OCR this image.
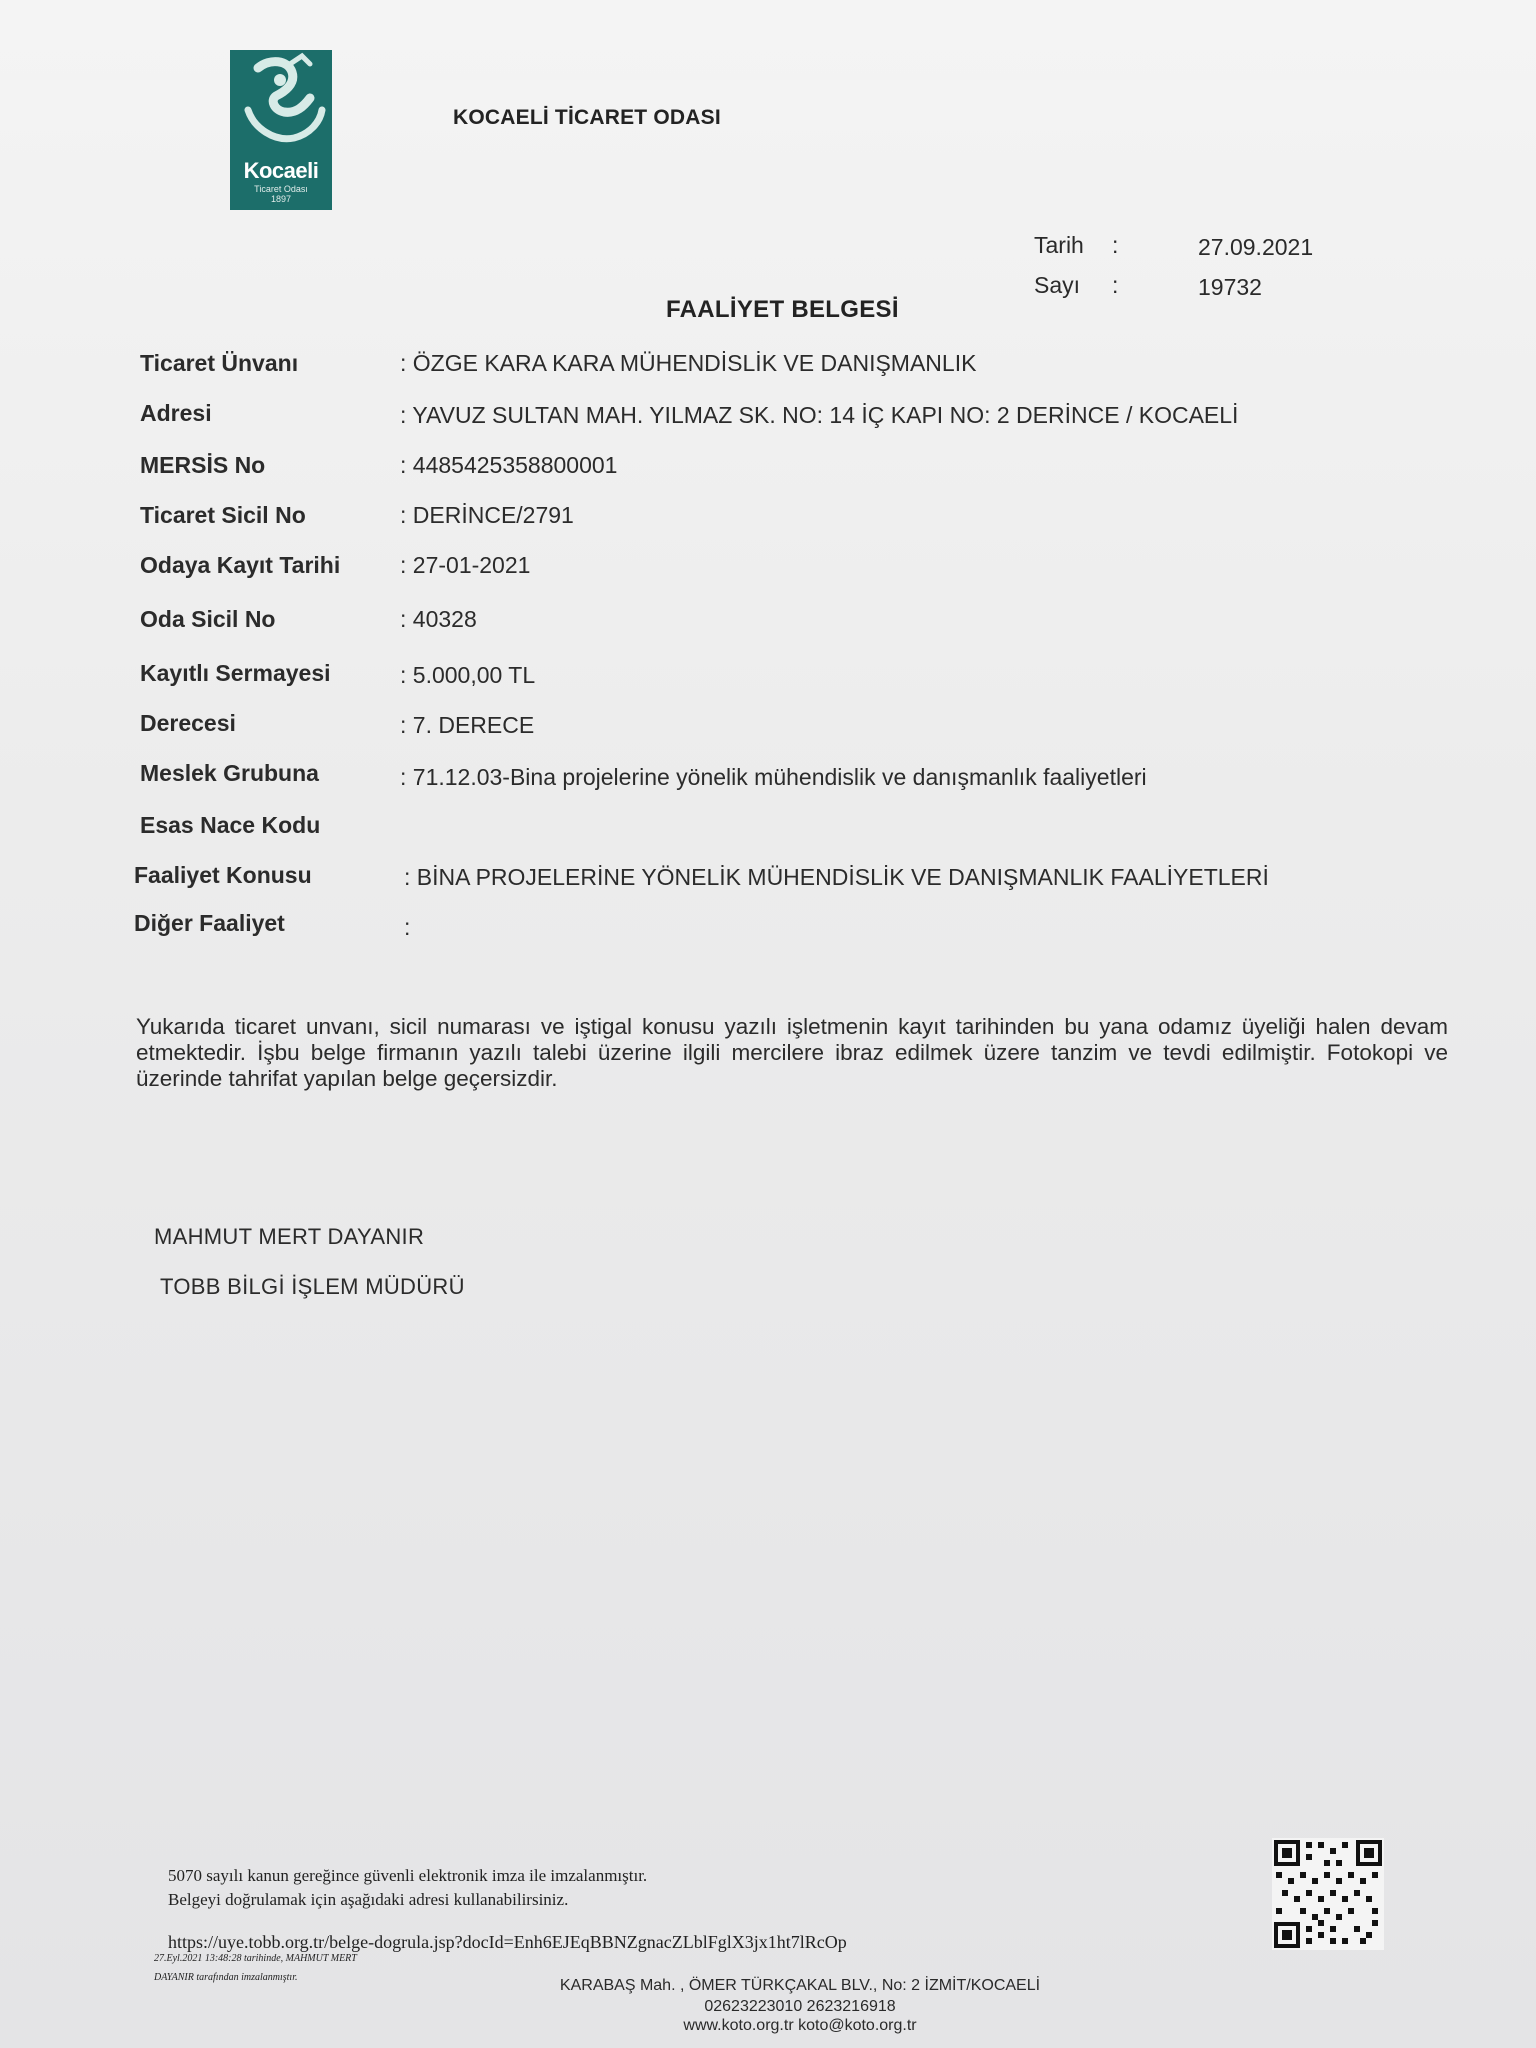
Kocaeli
Ticaret Odası
1897
KOCAELİ TİCARET ODASI
Tarih :	27.09.2021
Sayı :	19732
FAALİYET BELGESİ
Ticaret Ünvanı	: ÖZGE KARA KARA MÜHENDİSLİK VE DANIŞMANLIK
Adresi	: YAVUZ SULTAN MAH. YILMAZ SK. NO: 14 İÇ KAPI NO: 2 DERİNCE / KOCAELİ
MERSİS No	: 4485425358800001
Ticaret Sicil No	: DERİNCE/2791
Odaya Kayıt Tarihi	: 27-01-2021
Oda Sicil No	: 40328
Kayıtlı Sermayesi	: 5.000,00 TL
Derecesi	: 7. DERECE
Meslek Grubuna	: 71.12.03-Bina projelerine yönelik mühendislik ve danışmanlık faaliyetleri
Esas Nace Kodu
Faaliyet Konusu	: BİNA PROJELERİNE YÖNELİK MÜHENDİSLİK VE DANIŞMANLIK FAALİYETLERİ
Diğer Faaliyet	:
Yukarıda ticaret unvanı, sicil numarası ve iştigal konusu yazılı işletmenin kayıt tarihinden bu yana odamız üyeliği halen devam etmektedir. İşbu belge firmanın yazılı talebi üzerine ilgili mercilere ibraz edilmek üzere tanzim ve tevdi edilmiştir. Fotokopi ve üzerinde tahrifat yapılan belge geçersizdir.
MAHMUT MERT DAYANIR
TOBB BİLGİ İŞLEM MÜDÜRÜ
5070 sayılı kanun gereğince güvenli elektronik imza ile imzalanmıştır.
Belgeyi doğrulamak için aşağıdaki adresi kullanabilirsiniz.
https://uye.tobb.org.tr/belge-dogrula.jsp?docId=Enh6EJEqBBNZgnacZLblFglX3jx1ht7lRcOp
27.Eyl.2021 13:48:28 tarihinde, MAHMUT MERT
DAYANIR tarafından imzalanmıştır.	KARABAŞ Mah. , ÖMER TÜRKÇAKAL BLV., No: 2 İZMİT/KOCAELİ
02623223010 2623216918
www.koto.org.tr koto@koto.org.tr
